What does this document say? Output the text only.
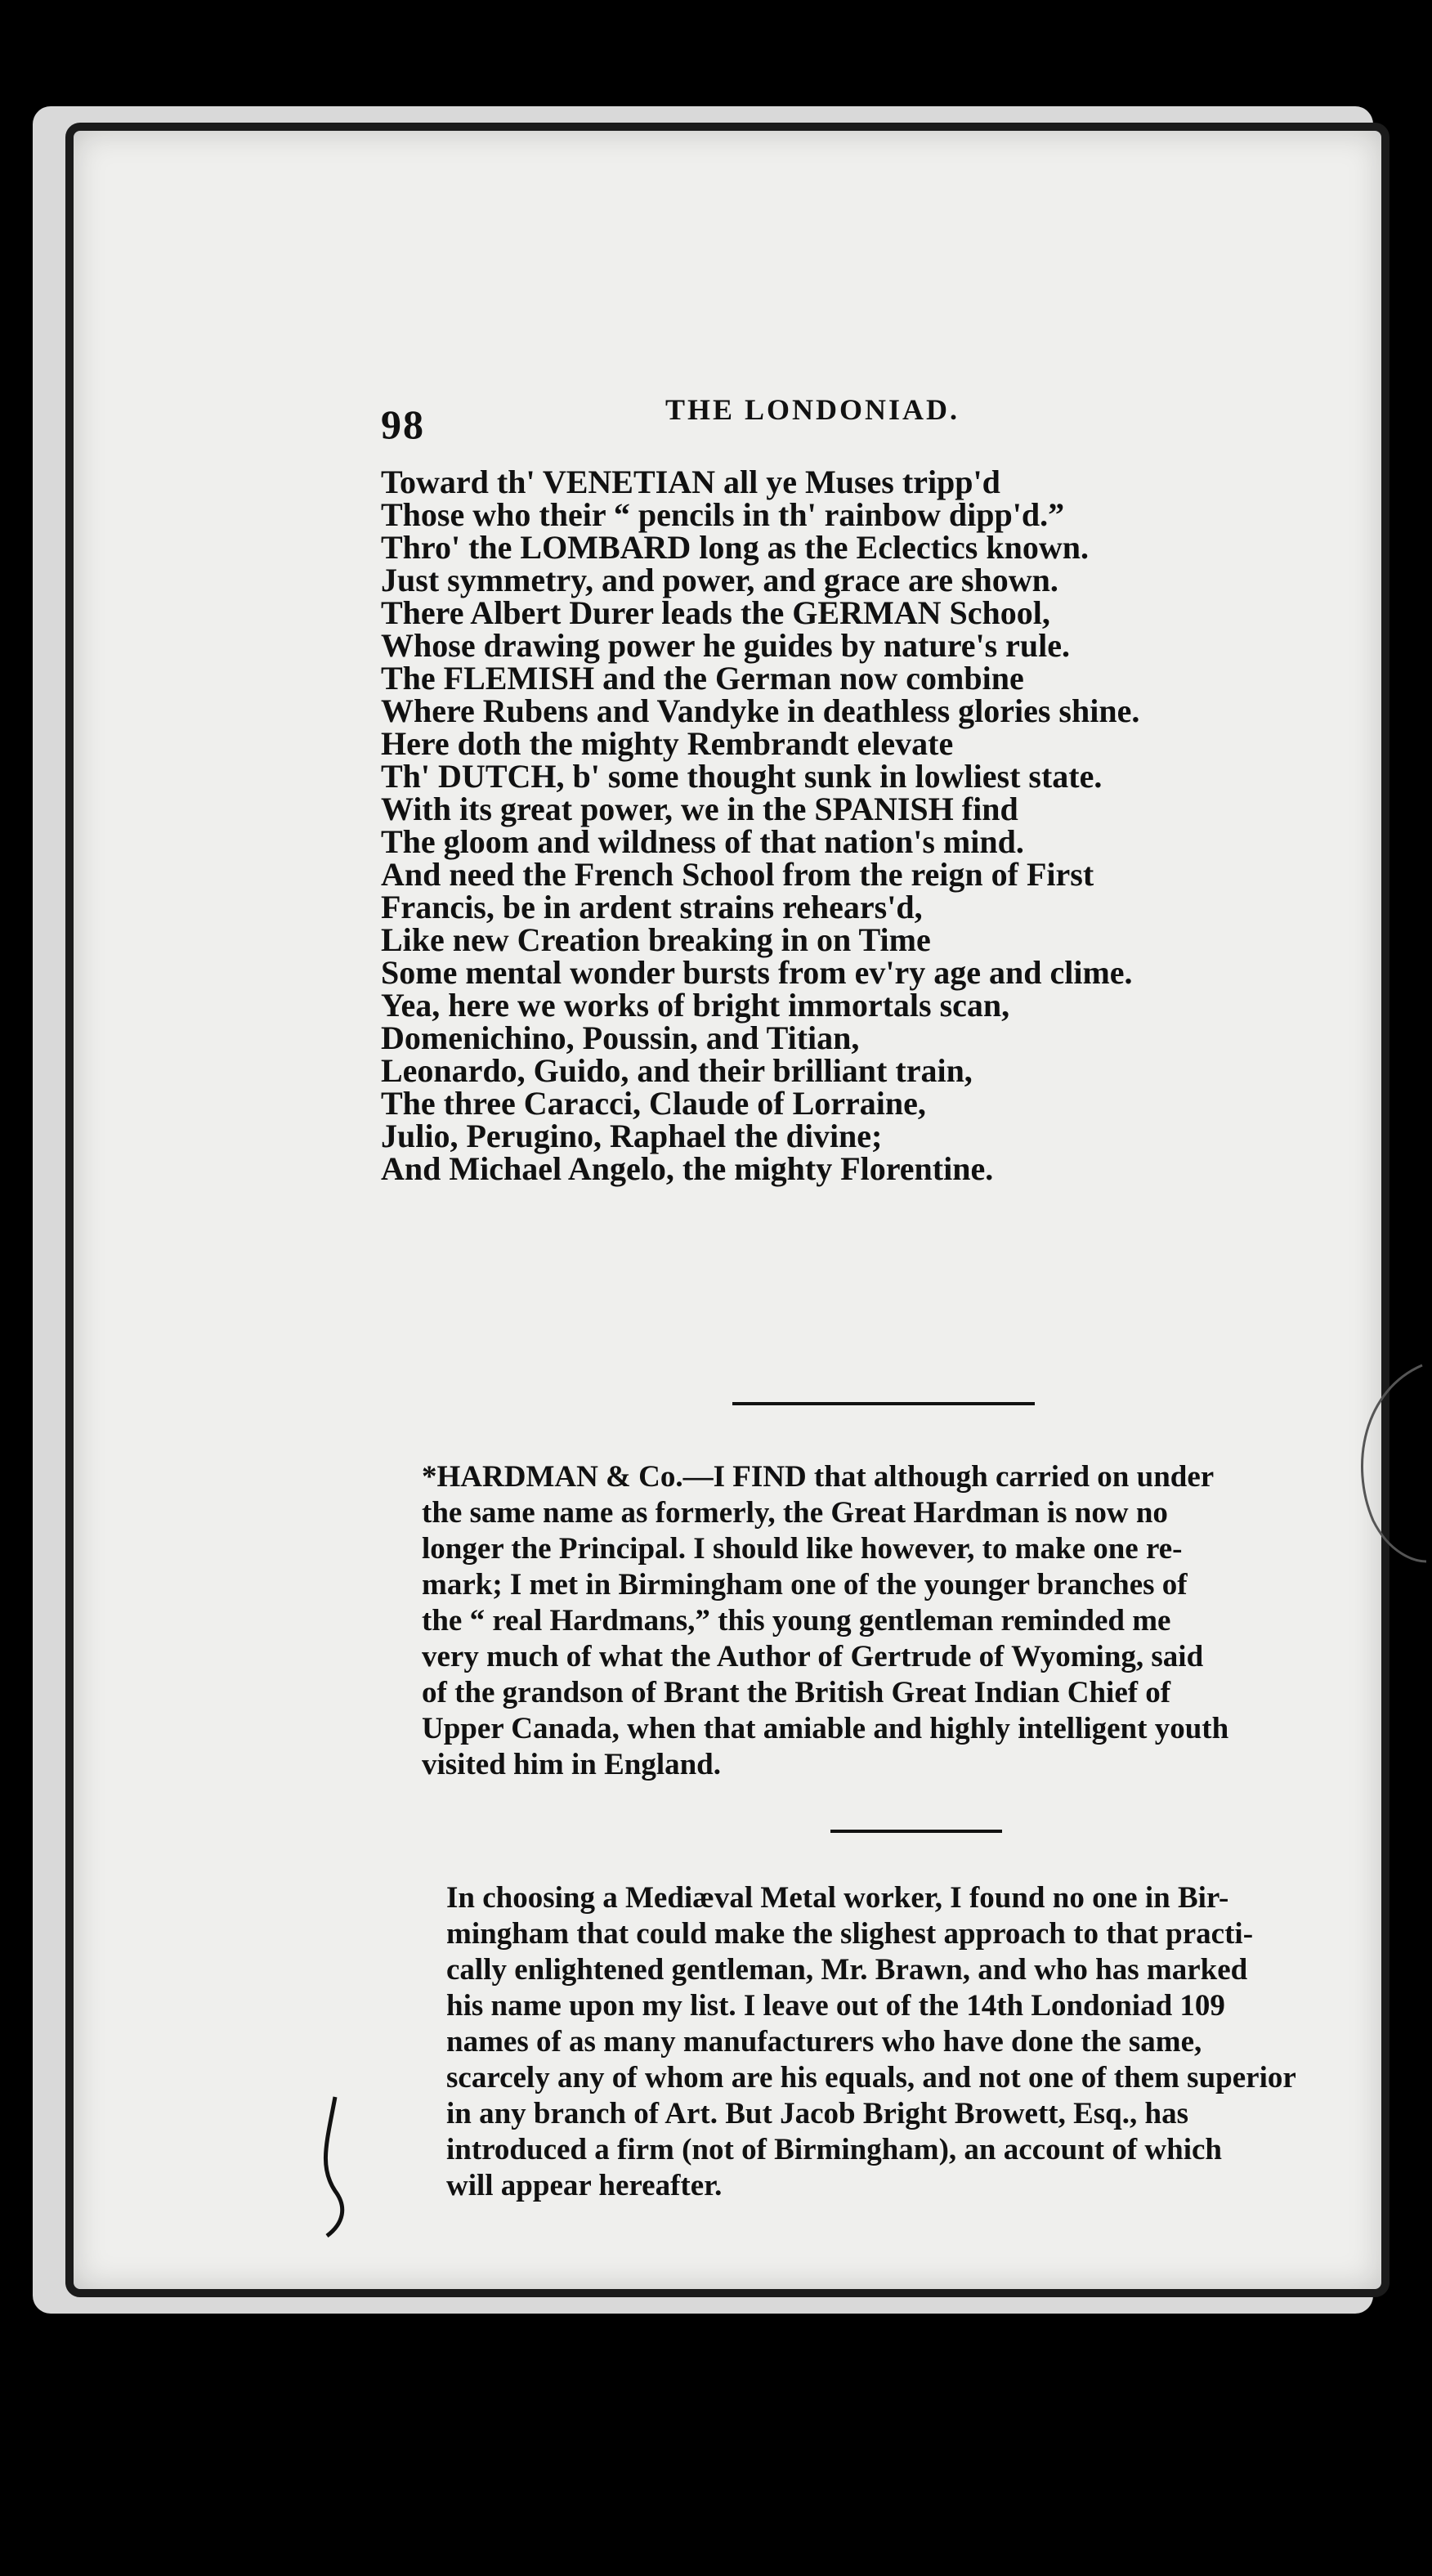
98	THE LONDONIAD.
Toward th' VENETIAN all ye Muses tripp'd
Those who their “ pencils in th' rainbow dipp'd.”
Thro' the LOMBARD long as the Eclectics known.
Just symmetry, and power, and grace are shown.
There Albert Durer leads the GERMAN School,
Whose drawing power he guides by nature's rule.
The FLEMISH and the German now combine
Where Rubens and Vandyke in deathless glories shine.
Here doth the mighty Rembrandt elevate
Th' DUTCH, b' some thought sunk in lowliest state.
With its great power, we in the SPANISH find
The gloom and wildness of that nation's mind.
And need the French School from the reign of First
Francis, be in ardent strains rehears'd,
Like new Creation breaking in on Time
Some mental wonder bursts from ev'ry age and clime.
Yea, here we works of bright immortals scan,
Domenichino, Poussin, and Titian,
Leonardo, Guido, and their brilliant train,
The three Caracci, Claude of Lorraine,
Julio, Perugino, Raphael the divine;
And Michael Angelo, the mighty Florentine.
*HARDMAN & Co.—I FIND that although carried on under
the same name as formerly, the Great Hardman is now no
longer the Principal. I should like however, to make one re-
mark; I met in Birmingham one of the younger branches of
the “ real Hardmans,” this young gentleman reminded me
very much of what the Author of Gertrude of Wyoming, said
of the grandson of Brant the British Great Indian Chief of
Upper Canada, when that amiable and highly intelligent youth
visited him in England.
In choosing a Mediæval Metal worker, I found no one in Bir-
mingham that could make the slighest approach to that practi-
cally enlightened gentleman, Mr. Brawn, and who has marked
his name upon my list. I leave out of the 14th Londoniad 109
names of as many manufacturers who have done the same,
scarcely any of whom are his equals, and not one of them superior
in any branch of Art. But Jacob Bright Browett, Esq., has
introduced a firm (not of Birmingham), an account of which
will appear hereafter.
